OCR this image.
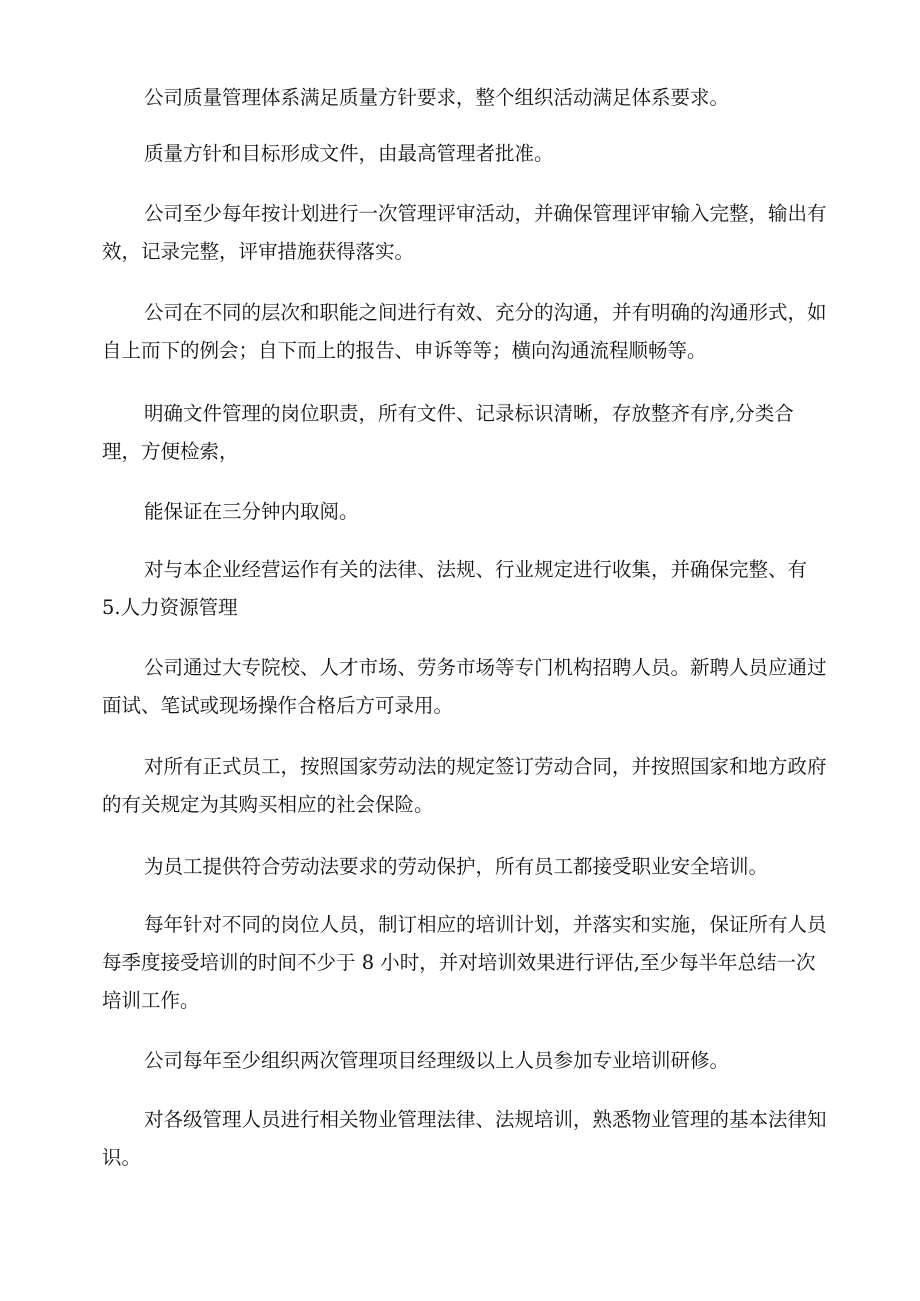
公司质量管理体系满足质量方针要求，整个组织活动满足体系要求。

质量方针和目标形成文件，由最高管理者批准。

公司至少每年按计划进行一次管理评审活动，并确保管理评审输入完整，输出有效，记录完整，评审措施获得落实。

公司在不同的层次和职能之间进行有效、充分的沟通，并有明确的沟通形式，如自上而下的例会；自下而上的报告、申诉等等；横向沟通流程顺畅等。

明确文件管理的岗位职责，所有文件、记录标识清晰，存放整齐有序,分类合理，方便检索，

能保证在三分钟内取阅。

对与本企业经营运作有关的法律、法规、行业规定进行收集，并确保完整、有 5.人力资源管理

公司通过大专院校、人才市场、劳务市场等专门机构招聘人员。新聘人员应通过面试、笔试或现场操作合格后方可录用。

对所有正式员工，按照国家劳动法的规定签订劳动合同，并按照国家和地方政府的有关规定为其购买相应的社会保险。

为员工提供符合劳动法要求的劳动保护，所有员工都接受职业安全培训。

每年针对不同的岗位人员，制订相应的培训计划，并落实和实施，保证所有人员每季度接受培训的时间不少于 8 小时，并对培训效果进行评估,至少每半年总结一次培训工作。

公司每年至少组织两次管理项目经理级以上人员参加专业培训研修。

对各级管理人员进行相关物业管理法律、法规培训，熟悉物业管理的基本法律知识。
